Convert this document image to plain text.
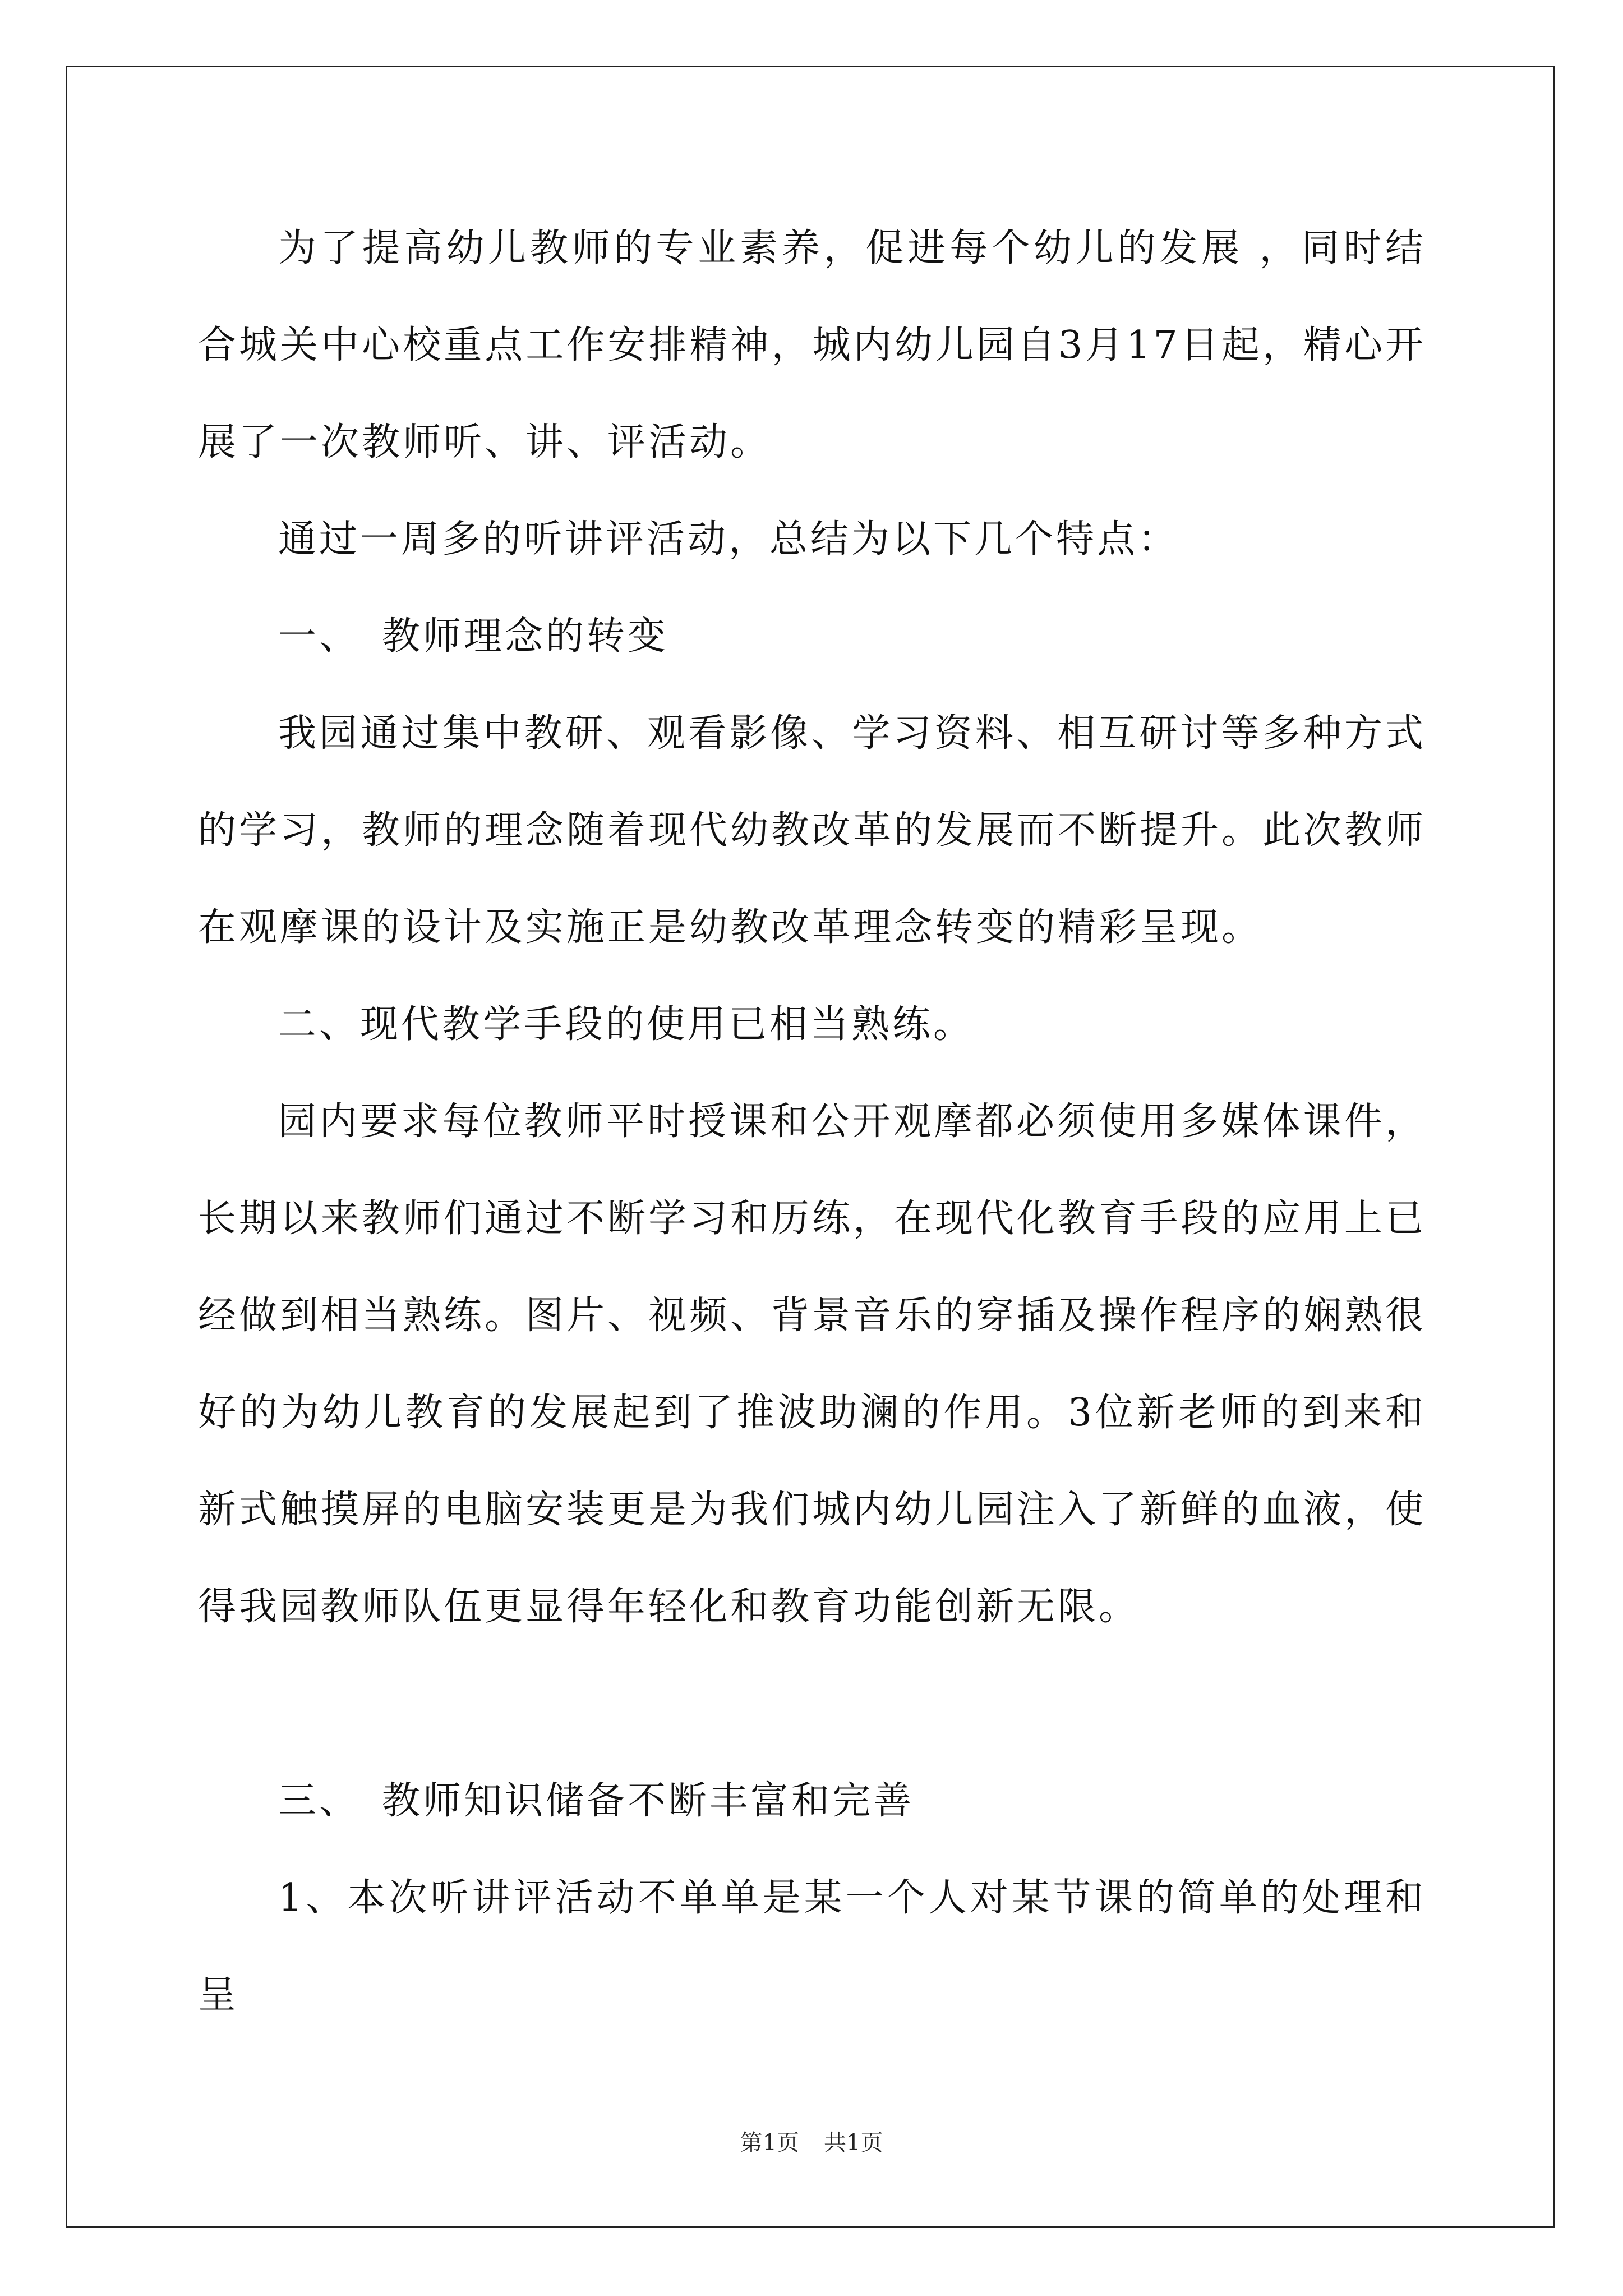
为了提高幼儿教师的专业素养，促进每个幼儿的发展 ，同时结合城关中心校重点工作安排精神，城内幼儿园自3月17日起，精心开展了一次教师听、讲、评活动。

通过一周多的听讲评活动，总结为以下几个特点：

一、　教师理念的转变

我园通过集中教研、观看影像、学习资料、相互研讨等多种方式的学习，教师的理念随着现代幼教改革的发展而不断提升。此次教师在观摩课的设计及实施正是幼教改革理念转变的精彩呈现。

二、现代教学手段的使用已相当熟练。

园内要求每位教师平时授课和公开观摩都必须使用多媒体课件，长期以来教师们通过不断学习和历练，在现代化教育手段的应用上已经做到相当熟练。图片、视频、背景音乐的穿插及操作程序的娴熟很好的为幼儿教育的发展起到了推波助澜的作用。3位新老师的到来和新式触摸屏的电脑安装更是为我们城内幼儿园注入了新鲜的血液，使得我园教师队伍更显得年轻化和教育功能创新无限。

三、　教师知识储备不断丰富和完善

1、本次听讲评活动不单单是某一个人对某节课的简单的处理和呈

第1页 共1页
